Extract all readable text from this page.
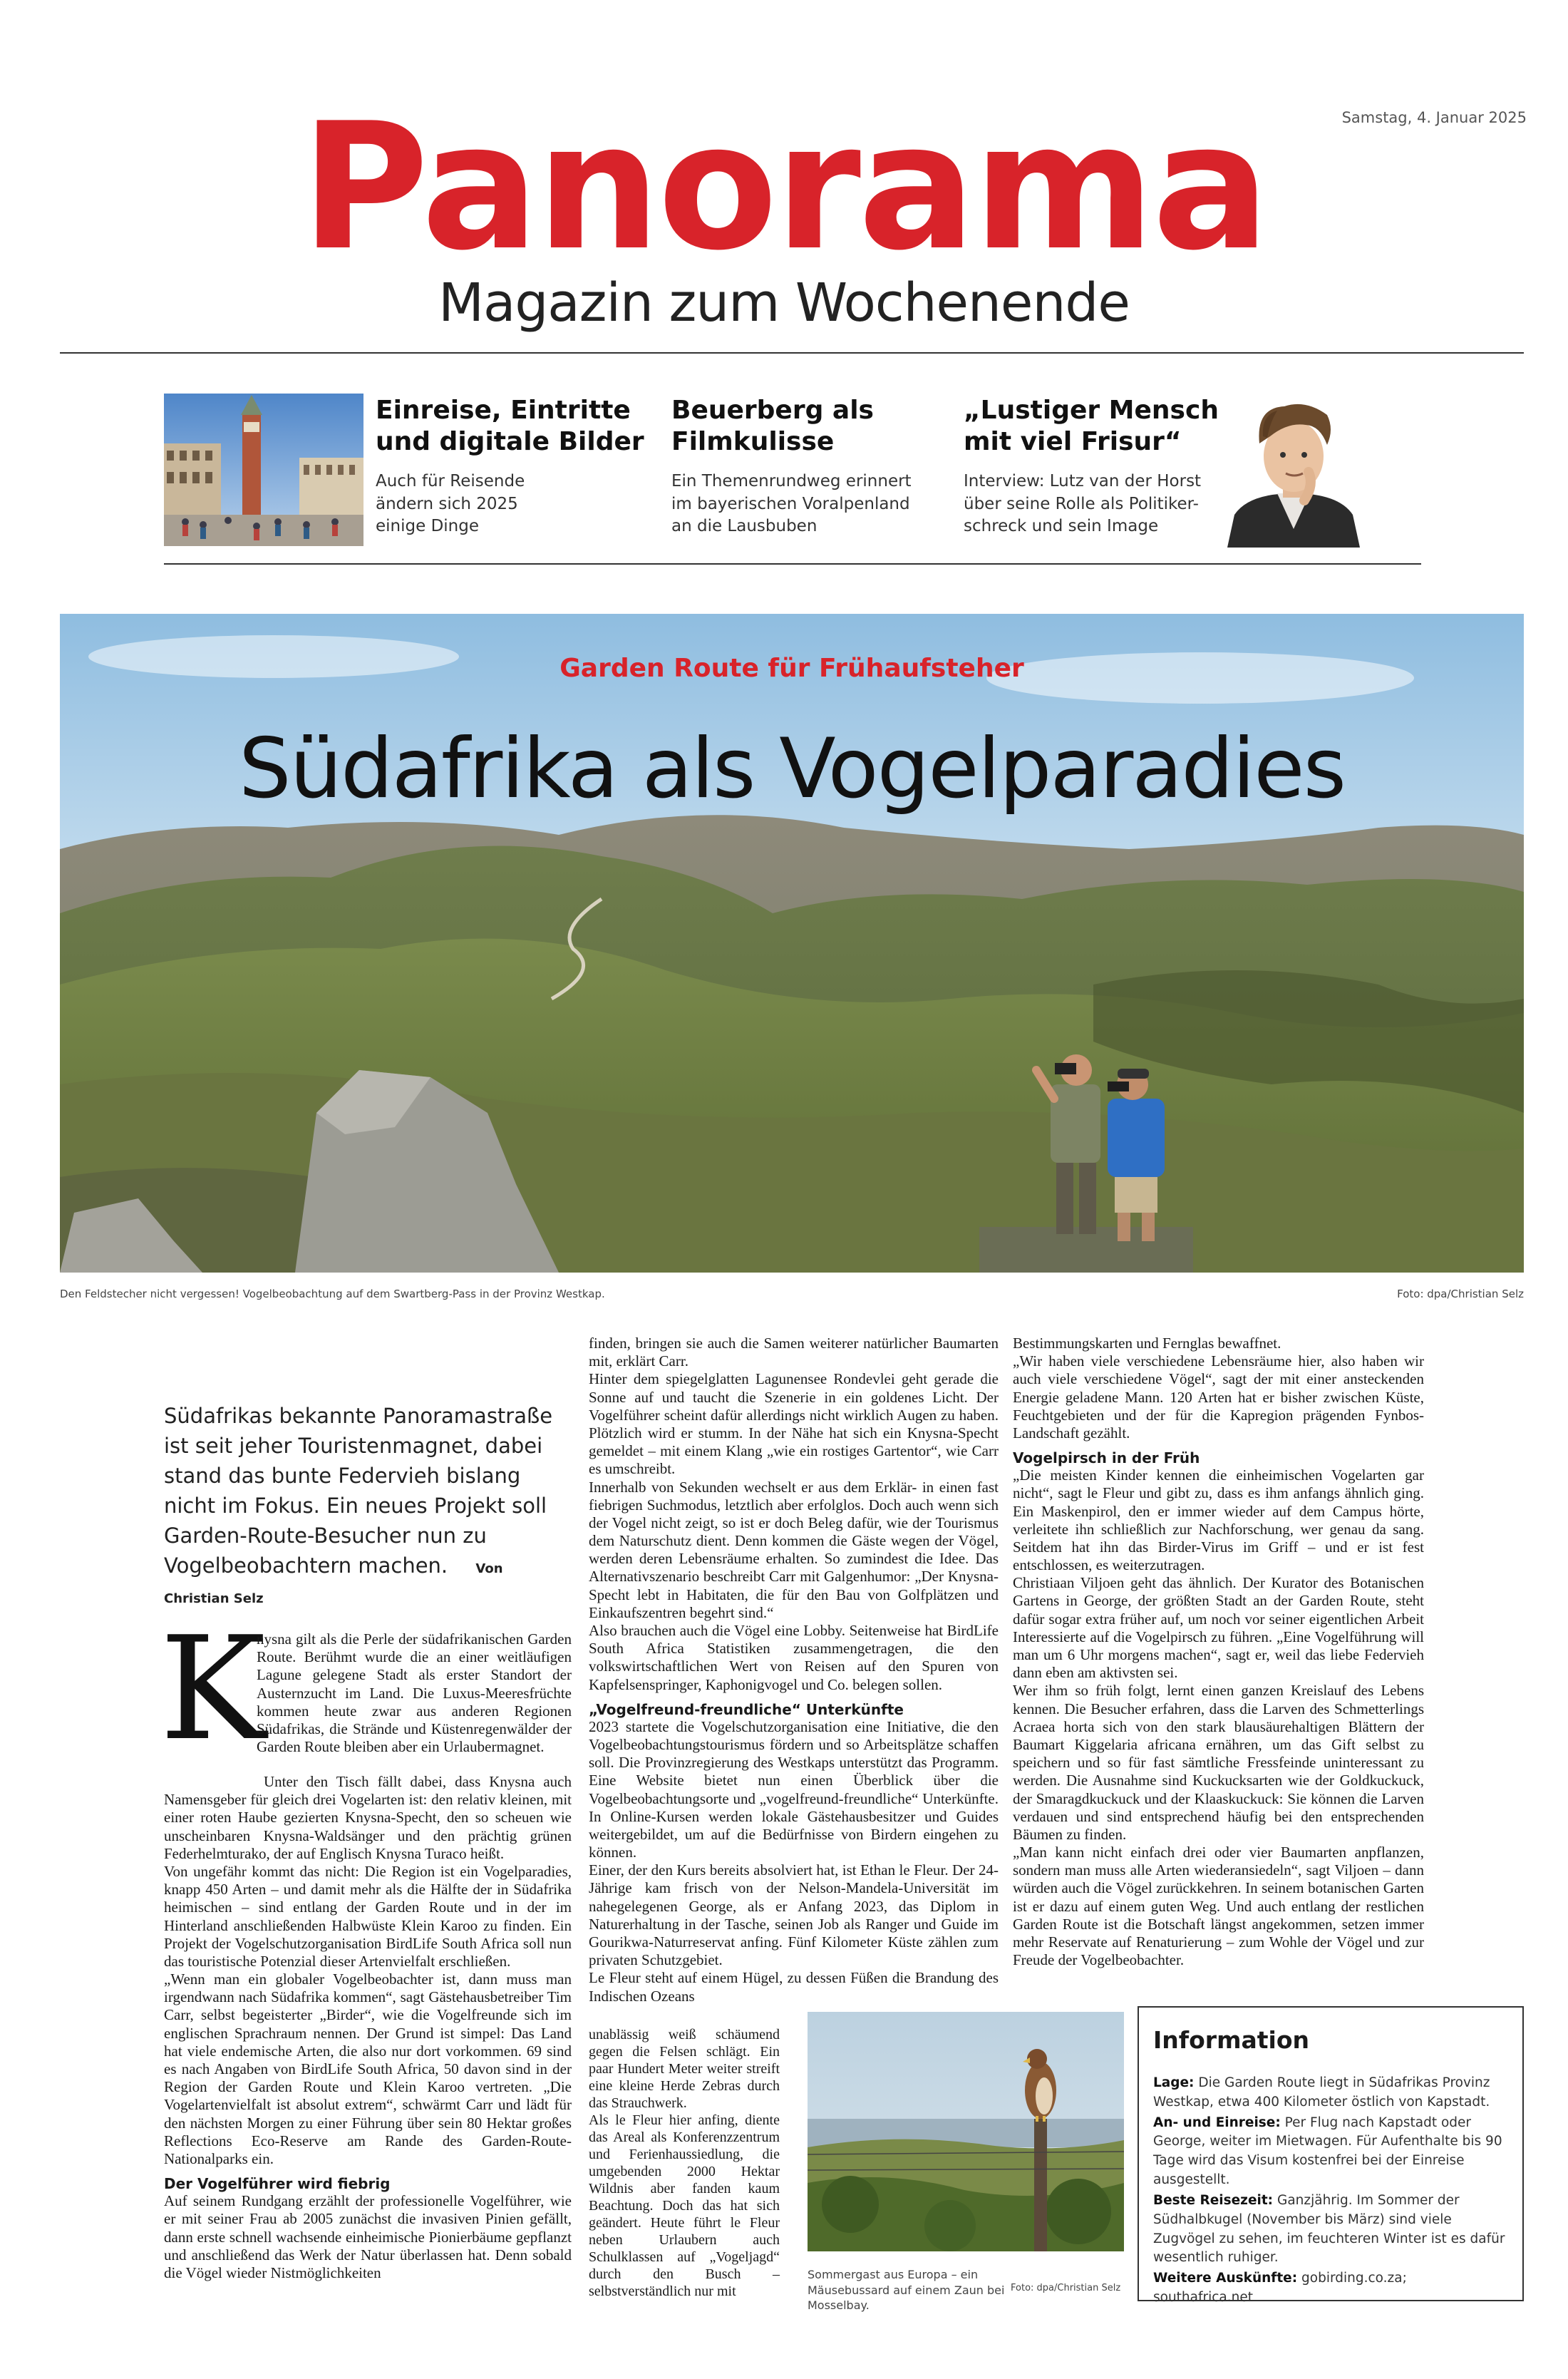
Panorama
Magazin zum Wochenende
Samstag, 4. Januar 2025
Einreise, Eintritte
und digitale Bilder
Auch für Reisende
ändern sich 2025
einige Dinge
Beuerberg als
Filmkulisse
Ein Themenrundweg erinnert
im bayerischen Voralpenland
an die Lausbuben
„Lustiger Mensch
mit viel Frisur“
Interview: Lutz van der Horst
über seine Rolle als Politiker-
schreck und sein Image
Garden Route für Frühaufsteher
Südafrika als Vogelparadies
Den Feldstecher nicht vergessen! Vogelbeobachtung auf dem Swartberg-Pass in der Provinz Westkap.	Foto: dpa/Christian Selz
Südafrikas bekannte Panoramastraße ist seit jeher Touristenmagnet, dabei stand das bunte Federvieh bislang nicht im Fokus. Ein neues Projekt soll Garden-Route-Besucher nun zu Vogelbeobachtern machen. Von Christian Selz
K

nysna gilt als die Perle der südafrikanischen Garden Route. Berühmt wurde die an einer weitläufigen Lagune gelegene Stadt als erster Standort der Austernzucht im Land. Die Luxus-Meeresfrüchte kommen heute zwar aus anderen Regionen Südafrikas, die Strände und Küstenregenwälder der Garden Route bleiben aber ein Urlaubermagnet.

Unter den Tisch fällt dabei, dass Knysna auch Namensgeber für gleich drei Vogelarten ist: den relativ kleinen, mit einer roten Haube gezierten Knysna-Specht, den so scheuen wie unscheinbaren Knysna-Waldsänger und den prächtig grünen Federhelmturako, der auf Englisch Knysna Turaco heißt.

Von ungefähr kommt das nicht: Die Region ist ein Vogelparadies, knapp 450 Arten – und damit mehr als die Hälfte der in Südafrika heimischen – sind entlang der Garden Route und in der im Hinterland anschließenden Halbwüste Klein Karoo zu finden. Ein Projekt der Vogelschutzorganisation BirdLife South Africa soll nun das touristische Potenzial dieser Artenvielfalt erschließen.

„Wenn man ein globaler Vogelbeobachter ist, dann muss man irgendwann nach Südafrika kommen“, sagt Gästehausbetreiber Tim Carr, selbst begeisterter „Birder“, wie die Vogelfreunde sich im englischen Sprachraum nennen. Der Grund ist simpel: Das Land hat viele endemische Arten, die also nur dort vorkommen. 69 sind es nach Angaben von BirdLife South Africa, 50 davon sind in der Region der Garden Route und Klein Karoo vertreten. „Die Vogelartenvielfalt ist absolut extrem“, schwärmt Carr und lädt für den nächsten Morgen zu einer Führung über sein 80 Hektar großes Reflections Eco-Reserve am Rande des Garden-Route-Nationalparks ein.

Der Vogelführer wird fiebrig

Auf seinem Rundgang erzählt der professionelle Vogelführer, wie er mit seiner Frau ab 2005 zunächst die invasiven Pinien gefällt, dann erste schnell wachsende einheimische Pionierbäume gepflanzt und anschließend das Werk der Natur überlassen hat. Denn sobald die Vögel wieder Nistmöglichkeiten

finden, bringen sie auch die Samen weiterer natürlicher Baumarten mit, erklärt Carr.

Hinter dem spiegelglatten Lagunensee Rondevlei geht gerade die Sonne auf und taucht die Szenerie in ein goldenes Licht. Der Vogelführer scheint dafür allerdings nicht wirklich Augen zu haben. Plötzlich wird er stumm. In der Nähe hat sich ein Knysna-Specht gemeldet – mit einem Klang „wie ein rostiges Gartentor“, wie Carr es umschreibt.

Innerhalb von Sekunden wechselt er aus dem Erklär- in einen fast fiebrigen Suchmodus, letztlich aber erfolglos. Doch auch wenn sich der Vogel nicht zeigt, so ist er doch Beleg dafür, wie der Tourismus dem Naturschutz dient. Denn kommen die Gäste wegen der Vögel, werden deren Lebensräume erhalten. So zumindest die Idee. Das Alternativszenario beschreibt Carr mit Galgenhumor: „Der Knysna-Specht lebt in Habitaten, die für den Bau von Golfplätzen und Einkaufszentren begehrt sind.“

Also brauchen auch die Vögel eine Lobby. Seitenweise hat BirdLife South Africa Statistiken zusammengetragen, die den volkswirtschaftlichen Wert von Reisen auf den Spuren von Kapfelsenspringer, Kaphonigvogel und Co. belegen sollen.

„Vogelfreund-freundliche“ Unterkünfte

2023 startete die Vogelschutzorganisation eine Initiative, die den Vogelbeobachtungstourismus fördern und so Arbeitsplätze schaffen soll. Die Provinzregierung des Westkaps unterstützt das Programm. Eine Website bietet nun einen Überblick über die Vogelbeobachtungsorte und „vogelfreund-freundliche“ Unterkünfte. In Online-Kursen werden lokale Gästehausbesitzer und Guides weitergebildet, um auf die Bedürfnisse von Birdern eingehen zu können.

Einer, der den Kurs bereits absolviert hat, ist Ethan le Fleur. Der 24-Jährige kam frisch von der Nelson-Mandela-Universität im nahegelegenen George, als er Anfang 2023, das Diplom in Naturerhaltung in der Tasche, seinen Job als Ranger und Guide im Gourikwa-Naturreservat anfing. Fünf Kilometer Küste zählen zum privaten Schutzgebiet.

Le Fleur steht auf einem Hügel, zu dessen Füßen die Brandung des Indischen Ozeans

unablässig weiß schäumend gegen die Felsen schlägt. Ein paar Hundert Meter weiter streift eine kleine Herde Zebras durch das Strauchwerk.

Als le Fleur hier anfing, diente das Areal als Konferenzzentrum und Ferienhaussiedlung, die umgebenden 2000 Hektar Wildnis aber fanden kaum Beachtung. Doch das hat sich geändert. Heute führt le Fleur neben Urlaubern auch Schulklassen auf „Vogeljagd“ durch den Busch – selbstverständlich nur mit

Bestimmungskarten und Fernglas bewaffnet.

„Wir haben viele verschiedene Lebensräume hier, also haben wir auch viele verschiedene Vögel“, sagt der mit einer ansteckenden Energie geladene Mann. 120 Arten hat er bisher zwischen Küste, Feuchtgebieten und der für die Kapregion prägenden Fynbos-Landschaft gezählt.

Vogelpirsch in der Früh

„Die meisten Kinder kennen die einheimischen Vogelarten gar nicht“, sagt le Fleur und gibt zu, dass es ihm anfangs ähnlich ging. Ein Maskenpirol, den er immer wieder auf dem Campus hörte, verleitete ihn schließlich zur Nachforschung, wer genau da sang. Seitdem hat ihn das Birder-Virus im Griff – und er ist fest entschlossen, es weiterzutragen.

Christiaan Viljoen geht das ähnlich. Der Kurator des Botanischen Gartens in George, der größten Stadt an der Garden Route, steht dafür sogar extra früher auf, um noch vor seiner eigentlichen Arbeit Interessierte auf die Vogelpirsch zu führen. „Eine Vogelführung will man um 6 Uhr morgens machen“, sagt er, weil das liebe Federvieh dann eben am aktivsten sei.

Wer ihm so früh folgt, lernt einen ganzen Kreislauf des Lebens kennen. Die Besucher erfahren, dass die Larven des Schmetterlings Acraea horta sich von den stark blausäurehaltigen Blättern der Baumart Kiggelaria africana ernähren, um das Gift selbst zu speichern und so für fast sämtliche Fressfeinde uninteressant zu werden. Die Ausnahme sind Kuckucksarten wie der Goldkuckuck, der Smaragdkuckuck und der Klaaskuckuck: Sie können die Larven verdauen und sind entsprechend häufig bei den entsprechenden Bäumen zu finden.

„Man kann nicht einfach drei oder vier Baumarten anpflanzen, sondern man muss alle Arten wiederansiedeln“, sagt Viljoen – dann würden auch die Vögel zurückkehren. In seinem botanischen Garten ist er dazu auf einem guten Weg. Und auch entlang der restlichen Garden Route ist die Botschaft längst angekommen, setzen immer mehr Reservate auf Renaturierung – zum Wohle der Vögel und zur Freude der Vogelbeobachter.

Sommergast aus Europa – ein Mäusebussard auf einem Zaun bei Mosselbay.
Foto: dpa/Christian Selz
Information

Lage: Die Garden Route liegt in Südafrikas Provinz Westkap, etwa 400 Kilometer östlich von Kapstadt.

An- und Einreise: Per Flug nach Kapstadt oder George, weiter im Mietwagen. Für Aufenthalte bis 90 Tage wird das Visum kostenfrei bei der Einreise ausgestellt.

Beste Reisezeit: Ganzjährig. Im Sommer der Südhalbkugel (November bis März) sind viele Zugvögel zu sehen, im feuchteren Winter ist es dafür wesentlich ruhiger.

Weitere Auskünfte: gobirding.co.za; southafrica.net
